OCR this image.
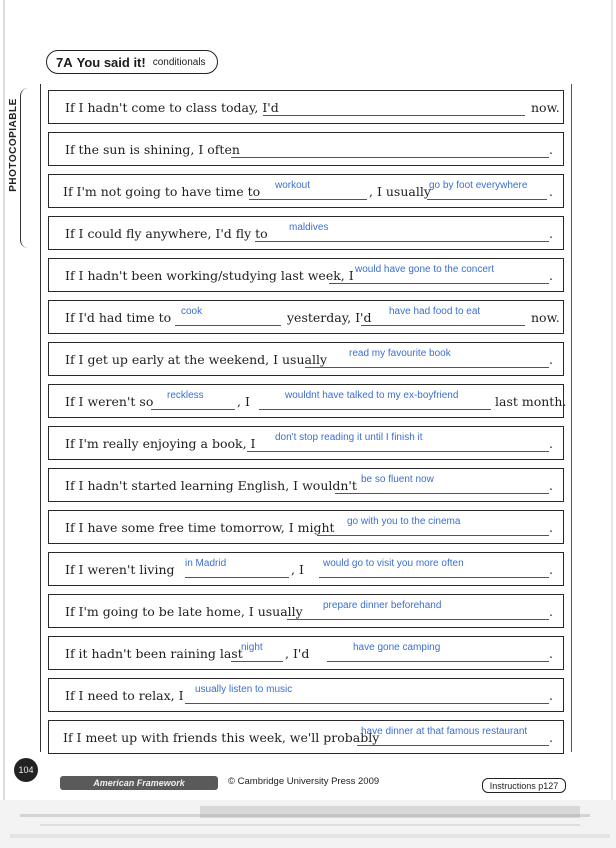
PHOTOCOPIABLE
7A You said it! conditionals
If I hadn't come to class today, I'd	now.
If the sun is shining, I often	.
If I'm not going to have time to workout	, I usually
go by foot everywhere .
If I could fly anywhere, I'd fly to maldives	.
If I hadn't been working/studying last week, I would have gone to the concert	.
If I'd had time to cook	yesterday, I'd have had food to eat	now.
If I get up early at the weekend, I usually read my favourite book	.
If I weren't so reckless	, I	wouldnt have talked to my ex-boyfriend	last month.
If I'm really enjoying a book, I don't stop reading it until I finish it	.
If I hadn't started learning English, I wouldn't be so fluent now	.
If I have some free time tomorrow, I might go with you to the cinema	.
If I weren't living in Madrid	, I would go to visit you more often	.
If I'm going to be late home, I usually prepare dinner beforehand	.
If it hadn't been raining last
night , I'd	have gone camping	.
If I need to relax, I usually listen to music	.
If I meet up with friends this week, we'll probably
have dinner at that famous restaurant .
104
American Framework	© Cambridge University Press 2009	Instructions p127
